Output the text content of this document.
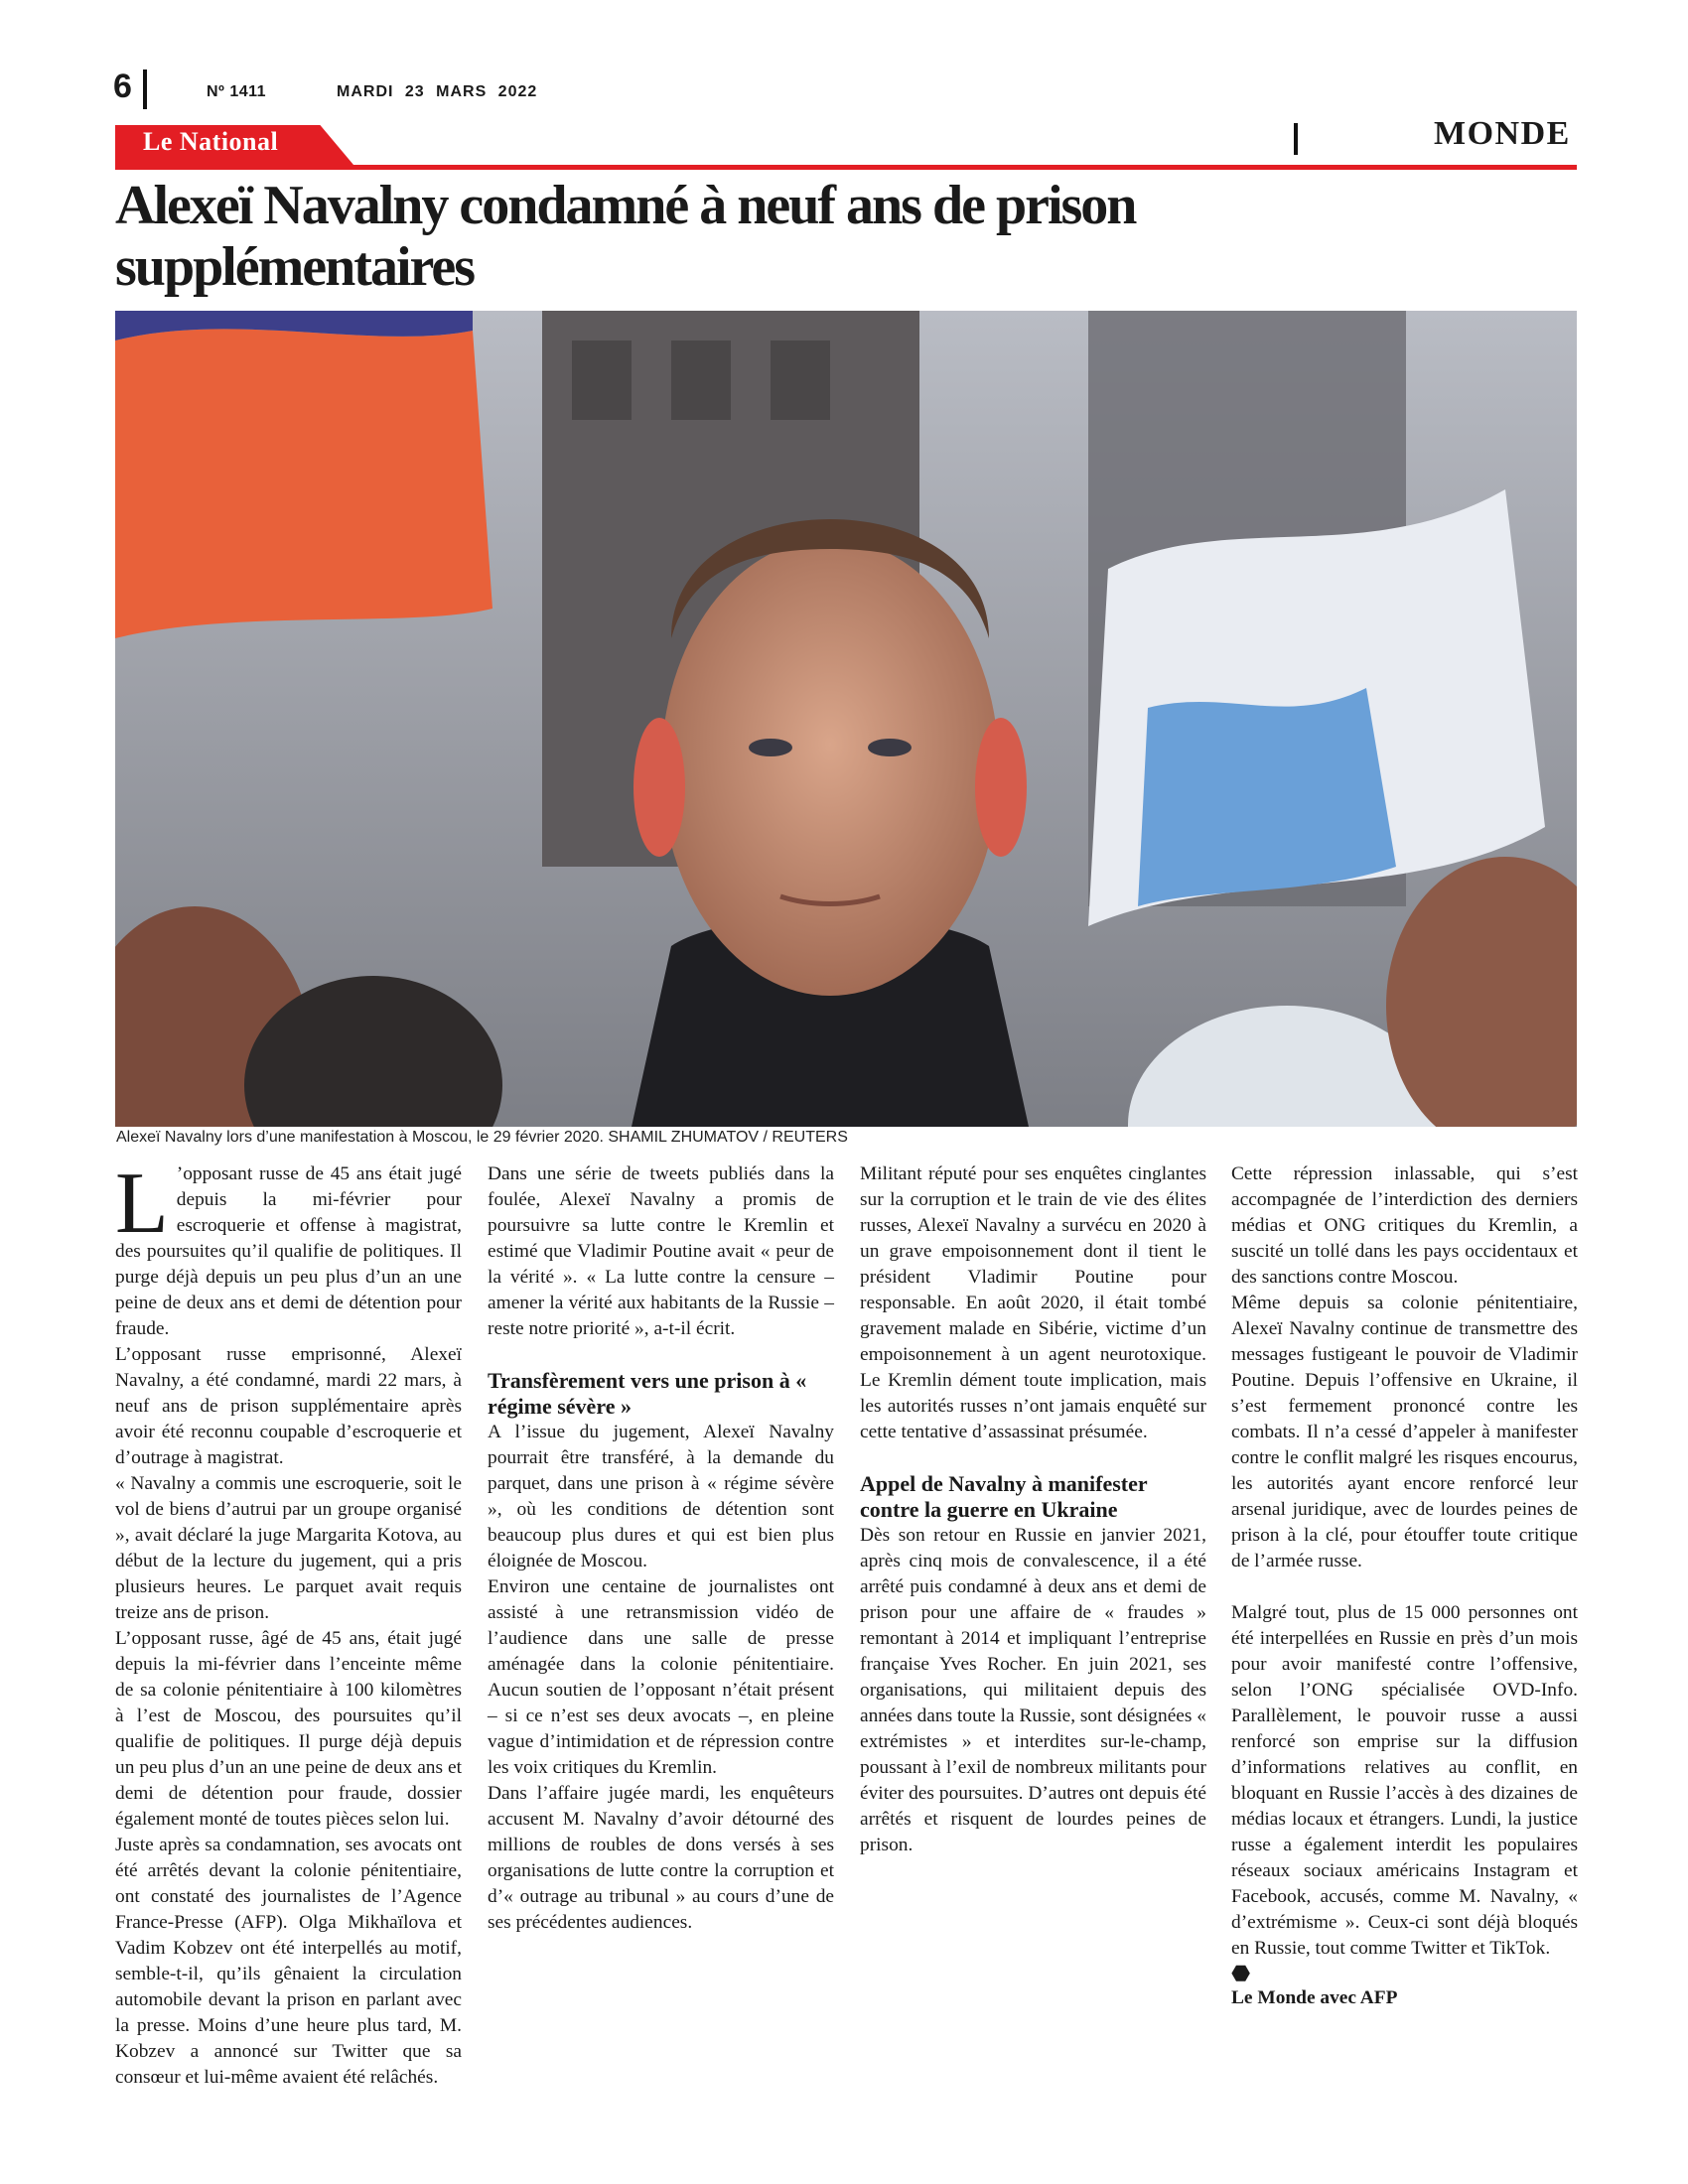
6	Nº 1411	MARDI 23 MARS 2022
Le National	MONDE
Alexeï Navalny condamné à neuf ans de prison supplémentaires
Alexeï Navalny lors d’une manifestation à Moscou, le 29 février 2020. SHAMIL ZHUMATOV / REUTERS

L ’opposant russe de 45 ans était jugé depuis la mi-février pour escroquerie et offense à magistrat, des poursuites qu’il qualifie de politiques. Il purge déjà depuis un peu plus d’un an une peine de deux ans et demi de détention pour fraude.

L’opposant russe emprisonné, Alexeï Navalny, a été condamné, mardi 22 mars, à neuf ans de prison supplémentaire après avoir été reconnu coupable d’escroquerie et d’outrage à magistrat.

« Navalny a commis une escroquerie, soit le vol de biens d’autrui par un groupe organisé », avait déclaré la juge Margarita Kotova, au début de la lecture du jugement, qui a pris plusieurs heures. Le parquet avait requis treize ans de prison.

L’opposant russe, âgé de 45 ans, était jugé depuis la mi-février dans l’enceinte même de sa colonie pénitentiaire à 100 kilomètres à l’est de Moscou, des poursuites qu’il qualifie de politiques. Il purge déjà depuis un peu plus d’un an une peine de deux ans et demi de détention pour fraude, dossier également monté de toutes pièces selon lui.

Juste après sa condamnation, ses avocats ont été arrêtés devant la colonie pénitentiaire, ont constaté des journalistes de l’Agence France-Presse (AFP). Olga Mikhaïlova et Vadim Kobzev ont été interpellés au motif, semble-t-il, qu’ils gênaient la circulation automobile devant la prison en parlant avec la presse. Moins d’une heure plus tard, M. Kobzev a annoncé sur Twitter que sa consœur et lui-même avaient été relâchés.

Dans une série de tweets publiés dans la foulée, Alexeï Navalny a promis de poursuivre sa lutte contre le Kremlin et estimé que Vladimir Poutine avait « peur de la vérité ». « La lutte contre la censure – amener la vérité aux habitants de la Russie – reste notre priorité », a-t-il écrit.

Transfèrement vers une prison à « régime sévère »

A l’issue du jugement, Alexeï Navalny pourrait être transféré, à la demande du parquet, dans une prison à « régime sévère », où les conditions de détention sont beaucoup plus dures et qui est bien plus éloignée de Moscou.

Environ une centaine de journalistes ont assisté à une retransmission vidéo de l’audience dans une salle de presse aménagée dans la colonie pénitentiaire. Aucun soutien de l’opposant n’était présent – si ce n’est ses deux avocats –, en pleine vague d’intimidation et de répression contre les voix critiques du Kremlin.

Dans l’affaire jugée mardi, les enquêteurs accusent M. Navalny d’avoir détourné des millions de roubles de dons versés à ses organisations de lutte contre la corruption et d’« outrage au tribunal » au cours d’une de ses précédentes audiences.

Militant réputé pour ses enquêtes cinglantes sur la corruption et le train de vie des élites russes, Alexeï Navalny a survécu en 2020 à un grave empoisonnement dont il tient le président Vladimir Poutine pour responsable. En août 2020, il était tombé gravement malade en Sibérie, victime d’un empoisonnement à un agent neurotoxique. Le Kremlin dément toute implication, mais les autorités russes n’ont jamais enquêté sur cette tentative d’assassinat présumée.

Appel de Navalny à manifester contre la guerre en Ukraine

Dès son retour en Russie en janvier 2021, après cinq mois de convalescence, il a été arrêté puis condamné à deux ans et demi de prison pour une affaire de « fraudes » remontant à 2014 et impliquant l’entreprise française Yves Rocher. En juin 2021, ses organisations, qui militaient depuis des années dans toute la Russie, sont désignées « extrémistes » et interdites sur-le-champ, poussant à l’exil de nombreux militants pour éviter des poursuites. D’autres ont depuis été arrêtés et risquent de lourdes peines de prison.

Cette répression inlassable, qui s’est accompagnée de l’interdiction des derniers médias et ONG critiques du Kremlin, a suscité un tollé dans les pays occidentaux et des sanctions contre Moscou.

Même depuis sa colonie pénitentiaire, Alexeï Navalny continue de transmettre des messages fustigeant le pouvoir de Vladimir Poutine. Depuis l’offensive en Ukraine, il s’est fermement prononcé contre les combats. Il n’a cessé d’appeler à manifester contre le conflit malgré les risques encourus, les autorités ayant encore renforcé leur arsenal juridique, avec de lourdes peines de prison à la clé, pour étouffer toute critique de l’armée russe.

Malgré tout, plus de 15 000 personnes ont été interpellées en Russie en près d’un mois pour avoir manifesté contre l’offensive, selon l’ONG spécialisée OVD-Info. Parallèlement, le pouvoir russe a aussi renforcé son emprise sur la diffusion d’informations relatives au conflit, en bloquant en Russie l’accès à des dizaines de médias locaux et étrangers. Lundi, la justice russe a également interdit les populaires réseaux sociaux américains Instagram et Facebook, accusés, comme M. Navalny, « d’extrémisme ». Ceux-ci sont déjà bloqués en Russie, tout comme Twitter et TikTok.

⬣

Le Monde avec AFP
